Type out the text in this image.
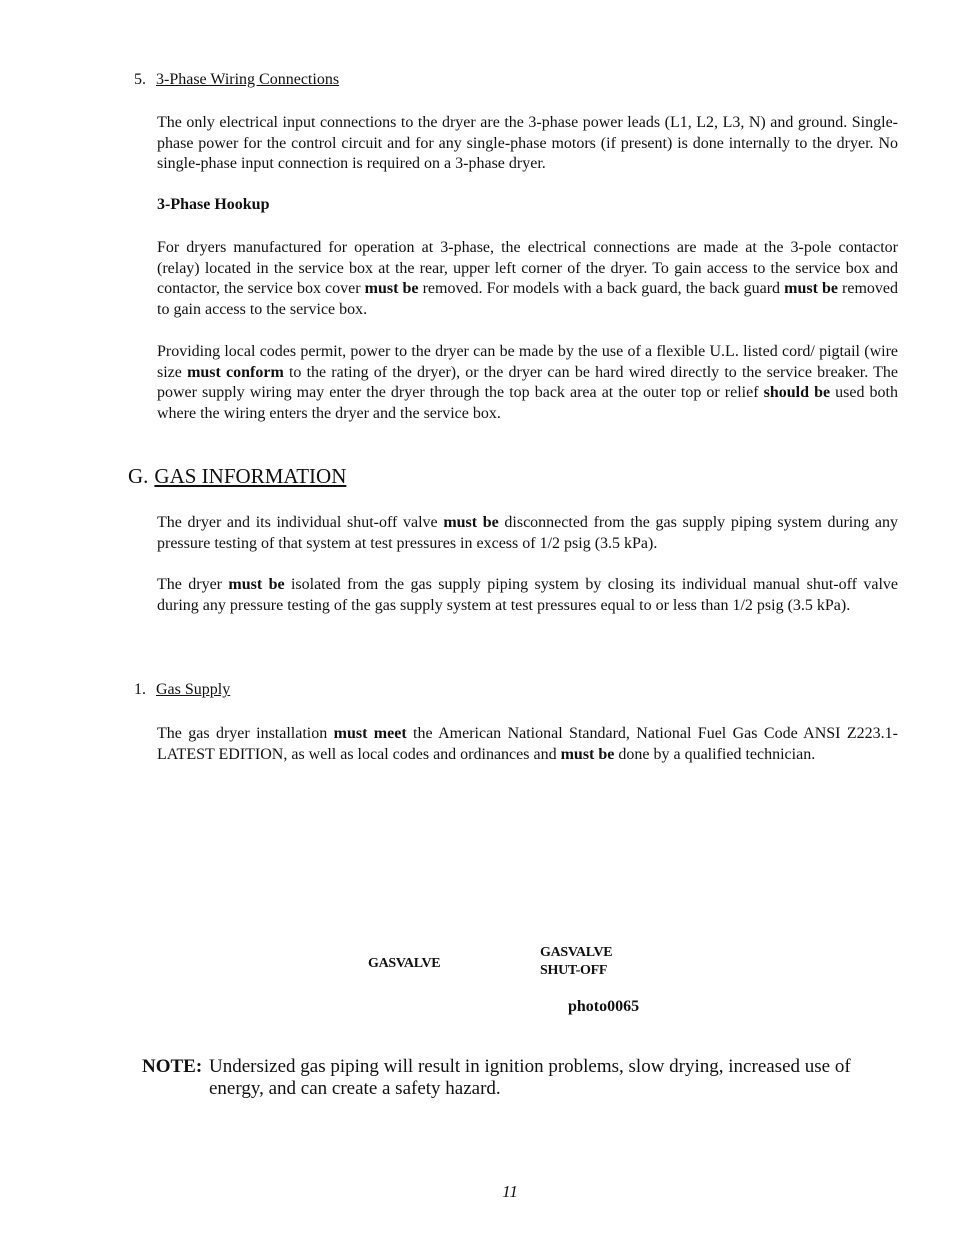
5. 3-Phase Wiring Connections
The only electrical input connections to the dryer are the 3-phase power leads (L1, L2, L3, N) and ground. Single-phase power for the control circuit and for any single-phase motors (if present) is done internally to the dryer. No single-phase input connection is required on a 3-phase dryer.
3-Phase Hookup
For dryers manufactured for operation at 3-phase, the electrical connections are made at the 3-pole contactor (relay) located in the service box at the rear, upper left corner of the dryer. To gain access to the service box and contactor, the service box cover must be removed. For models with a back guard, the back guard must be removed to gain access to the service box.
Providing local codes permit, power to the dryer can be made by the use of a flexible U.L. listed cord/ pigtail (wire size must conform to the rating of the dryer), or the dryer can be hard wired directly to the service breaker. The power supply wiring may enter the dryer through the top back area at the outer top or relief should be used both where the wiring enters the dryer and the service box.
G. GAS INFORMATION
The dryer and its individual shut-off valve must be disconnected from the gas supply piping system during any pressure testing of that system at test pressures in excess of 1/2 psig (3.5 kPa).
The dryer must be isolated from the gas supply piping system by closing its individual manual shut-off valve during any pressure testing of the gas supply system at test pressures equal to or less than 1/2 psig (3.5 kPa).
1. Gas Supply
The gas dryer installation must meet the American National Standard, National Fuel Gas Code ANSI Z223.1-LATEST EDITION, as well as local codes and ordinances and must be done by a qualified technician.
GASVALVE
GASVALVE
SHUT-OFF
photo0065
NOTE: Undersized gas piping will result in ignition problems, slow drying, increased use of energy, and can create a safety hazard.
11
